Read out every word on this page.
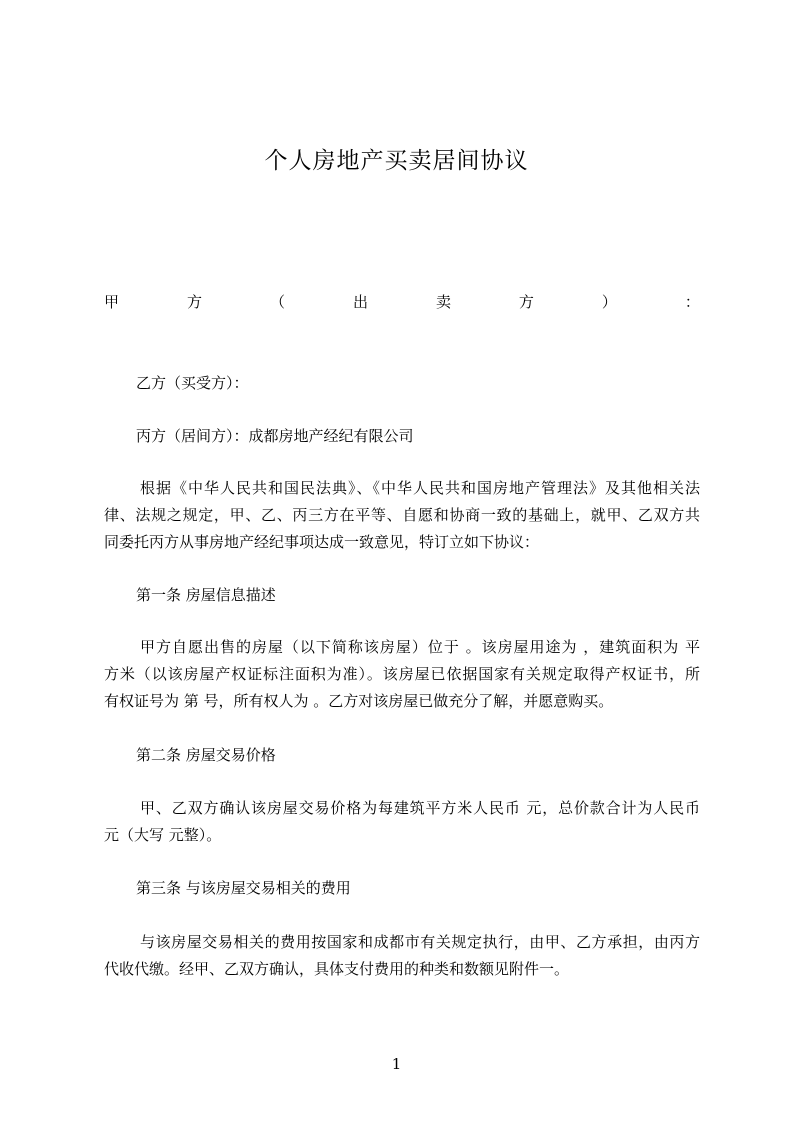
个人房地产买卖居间协议
甲	方	（	出	卖	方	）	：
乙方（买受方）：
丙方（居间方）：成都房地产经纪有限公司
根据《中华人民共和国民法典》、《中华人民共和国房地产管理法》及其他相关法
律、法规之规定，甲、乙、丙三方在平等、自愿和协商一致的基础上，就甲、乙双方共
同委托丙方从事房地产经纪事项达成一致意见，特订立如下协议：
第一条 房屋信息描述
甲方自愿出售的房屋（以下简称该房屋）位于 。该房屋用途为 ，建筑面积为 平
方米（以该房屋产权证标注面积为准）。该房屋已依据国家有关规定取得产权证书，所
有权证号为 第 号，所有权人为 。乙方对该房屋已做充分了解，并愿意购买。
第二条 房屋交易价格
甲、乙双方确认该房屋交易价格为每建筑平方米人民币 元，总价款合计为人民币
元（大写 元整）。
第三条 与该房屋交易相关的费用
与该房屋交易相关的费用按国家和成都市有关规定执行，由甲、乙方承担，由丙方
代收代缴。经甲、乙双方确认，具体支付费用的种类和数额见附件一。
1
